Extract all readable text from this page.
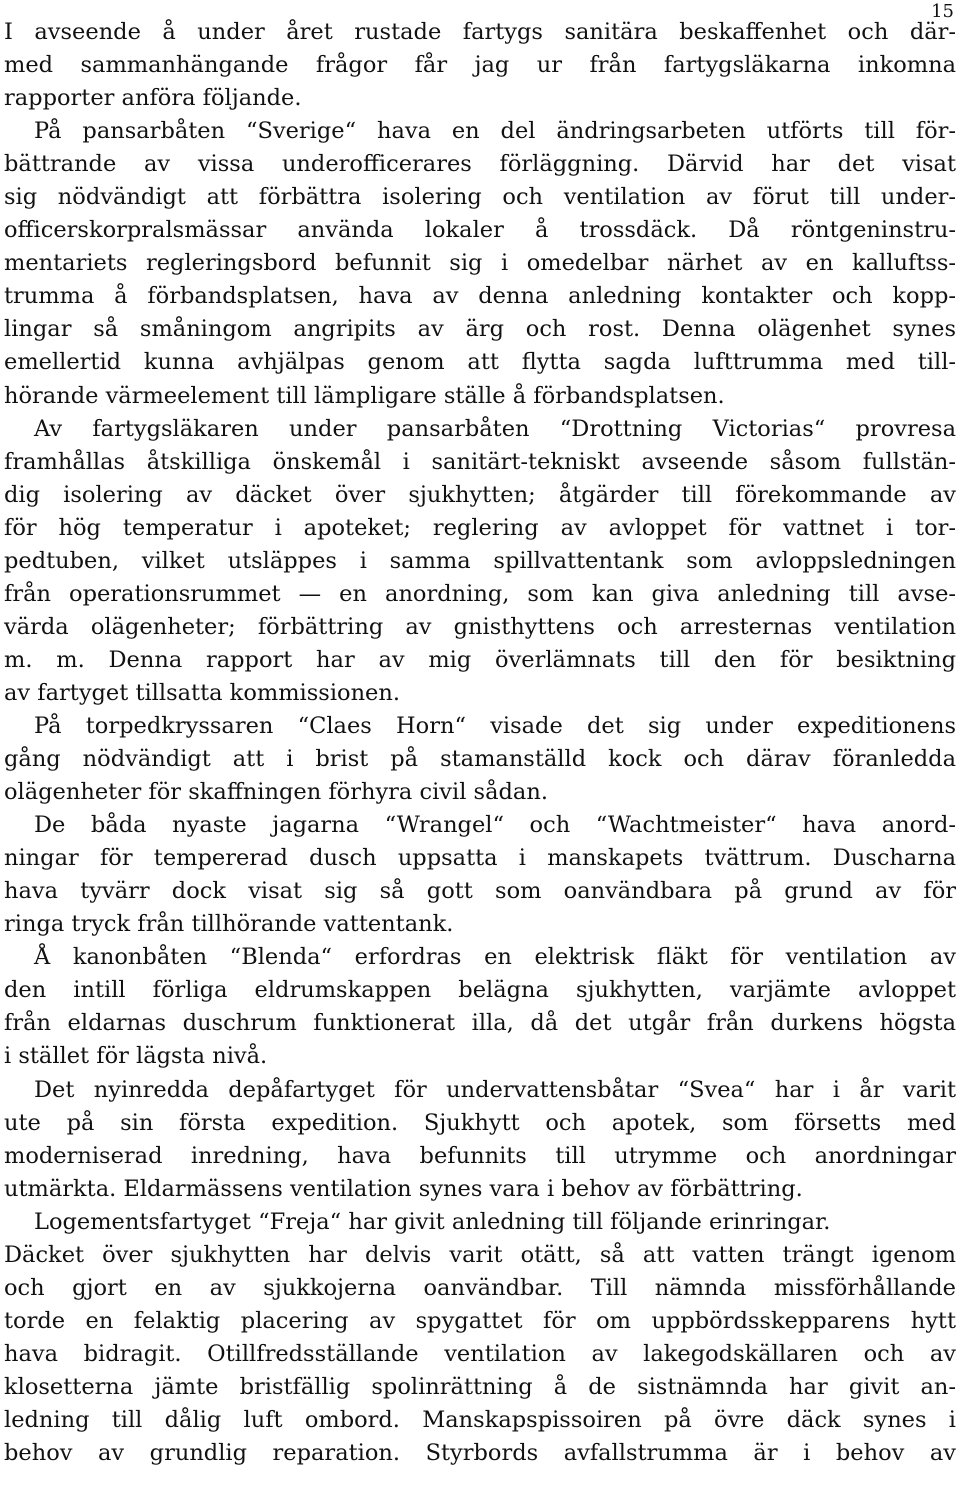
15
I avseende å under året rustade fartygs sanitära beskaffenhet och där-
med sammanhängande frågor får jag ur från fartygsläkarna inkomna
rapporter anföra följande.
På pansarbåten “Sverige“ hava en del ändringsarbeten utförts till för-
bättrande av vissa underofficerares förläggning. Därvid har det visat
sig nödvändigt att förbättra isolering och ventilation av förut till under-
officerskorpralsmässar använda lokaler å trossdäck. Då röntgeninstru-
mentariets regleringsbord befunnit sig i omedelbar närhet av en kalluftss-
trumma å förbandsplatsen, hava av denna anledning kontakter och kopp-
lingar så småningom angripits av ärg och rost. Denna olägenhet synes
emellertid kunna avhjälpas genom att flytta sagda lufttrumma med till-
hörande värmeelement till lämpligare ställe å förbandsplatsen.
Av fartygsläkaren under pansarbåten “Drottning Victorias“ provresa
framhållas åtskilliga önskemål i sanitärt-tekniskt avseende såsom fullstän-
dig isolering av däcket över sjukhytten; åtgärder till förekommande av
för hög temperatur i apoteket; reglering av avloppet för vattnet i tor-
pedtuben, vilket utsläppes i samma spillvattentank som avloppsledningen
från operationsrummet — en anordning, som kan giva anledning till avse-
värda olägenheter; förbättring av gnisthyttens och arresternas ventilation
m. m. Denna rapport har av mig överlämnats till den för besiktning
av fartyget tillsatta kommissionen.
På torpedkryssaren “Claes Horn“ visade det sig under expeditionens
gång nödvändigt att i brist på stamanställd kock och därav föranledda
olägenheter för skaffningen förhyra civil sådan.
De båda nyaste jagarna “Wrangel“ och “Wachtmeister“ hava anord-
ningar för tempererad dusch uppsatta i manskapets tvättrum. Duscharna
hava tyvärr dock visat sig så gott som oanvändbara på grund av för
ringa tryck från tillhörande vattentank.
Å kanonbåten “Blenda“ erfordras en elektrisk fläkt för ventilation av
den intill förliga eldrumskappen belägna sjukhytten, varjämte avloppet
från eldarnas duschrum funktionerat illa, då det utgår från durkens högsta
i stället för lägsta nivå.
Det nyinredda depåfartyget för undervattensbåtar “Svea“ har i år varit
ute på sin första expedition. Sjukhytt och apotek, som försetts med
moderniserad inredning, hava befunnits till utrymme och anordningar
utmärkta. Eldarmässens ventilation synes vara i behov av förbättring.
Logementsfartyget “Freja“ har givit anledning till följande erinringar.
Däcket över sjukhytten har delvis varit otätt, så att vatten trängt igenom
och gjort en av sjukkojerna oanvändbar. Till nämnda missförhållande
torde en felaktig placering av spygattet för om uppbördsskepparens hytt
hava bidragit. Otillfredsställande ventilation av lakegodskällaren och av
klosetterna jämte bristfällig spolinrättning å de sistnämnda har givit an-
ledning till dålig luft ombord. Manskapspissoiren på övre däck synes i
behov av grundlig reparation. Styrbords avfallstrumma är i behov av
